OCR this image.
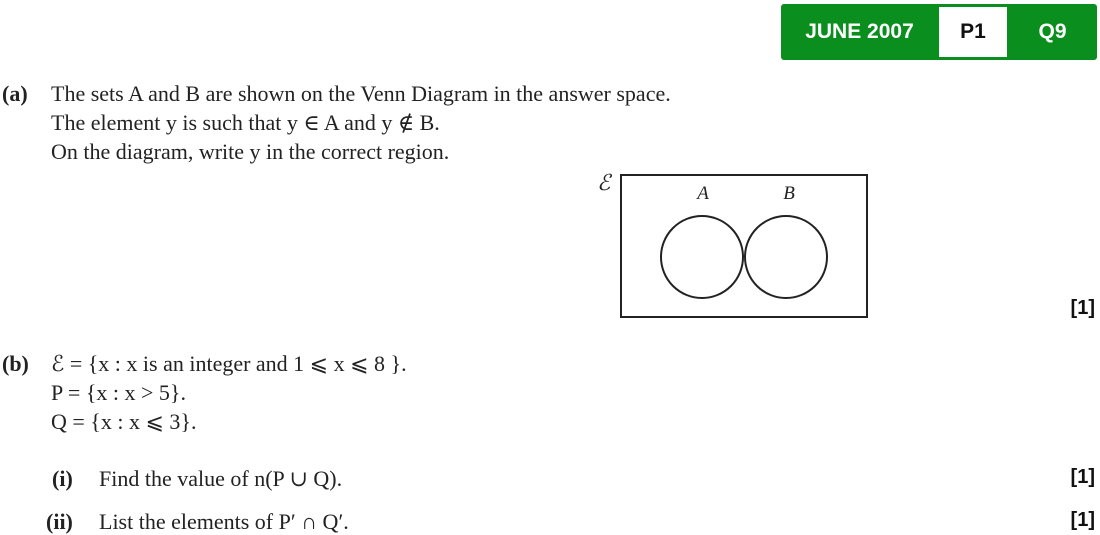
JUNE 2007	P1	Q9
(a) The sets A and B are shown on the Venn Diagram in the answer space.
The element y is such that y ∈ A and y ∉ B.
On the diagram, write y in the correct region.
ℰ	A	B
[1]
(b) ℰ = {x : x is an integer and 1 ⩽ x ⩽ 8 }.
P = {x : x > 5}.
Q = {x : x ⩽ 3}.
(i) Find the value of n(P ∪ Q).	[1]
(ii) List the elements of P′ ∩ Q′.	[1]
